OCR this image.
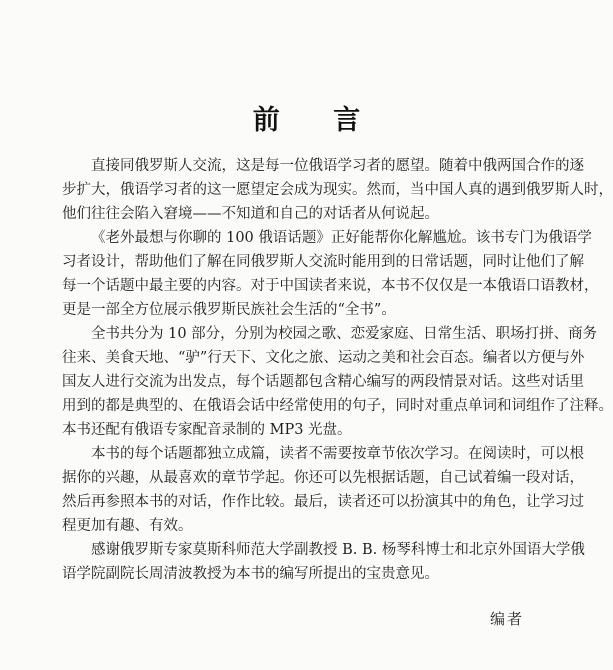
前 言
直接同俄罗斯人交流，这是每一位俄语学习者的愿望。随着中俄两国合作的逐
步扩大，俄语学习者的这一愿望定会成为现实。然而，当中国人真的遇到俄罗斯人时，
他们往往会陷入窘境——不知道和自己的对话者从何说起。
《老外最想与你聊的 100 俄语话题》正好能帮你化解尴尬。该书专门为俄语学
习者设计，帮助他们了解在同俄罗斯人交流时能用到的日常话题，同时让他们了解
每一个话题中最主要的内容。对于中国读者来说，本书不仅仅是一本俄语口语教材，
更是一部全方位展示俄罗斯民族社会生活的“全书”。
全书共分为 10 部分，分别为校园之歌、恋爱家庭、日常生活、职场打拼、商务
往来、美食天地、“驴”行天下、文化之旅、运动之美和社会百态。编者以方便与外
国友人进行交流为出发点，每个话题都包含精心编写的两段情景对话。这些对话里
用到的都是典型的、在俄语会话中经常使用的句子，同时对重点单词和词组作了注释。
本书还配有俄语专家配音录制的 MP3 光盘。
本书的每个话题都独立成篇，读者不需要按章节依次学习。在阅读时，可以根
据你的兴趣，从最喜欢的章节学起。你还可以先根据话题，自己试着编一段对话，
然后再参照本书的对话，作作比较。最后，读者还可以扮演其中的角色，让学习过
程更加有趣、有效。
感谢俄罗斯专家莫斯科师范大学副教授 В. В. 杨琴科博士和北京外国语大学俄
语学院副院长周清波教授为本书的编写所提出的宝贵意见。
编者
